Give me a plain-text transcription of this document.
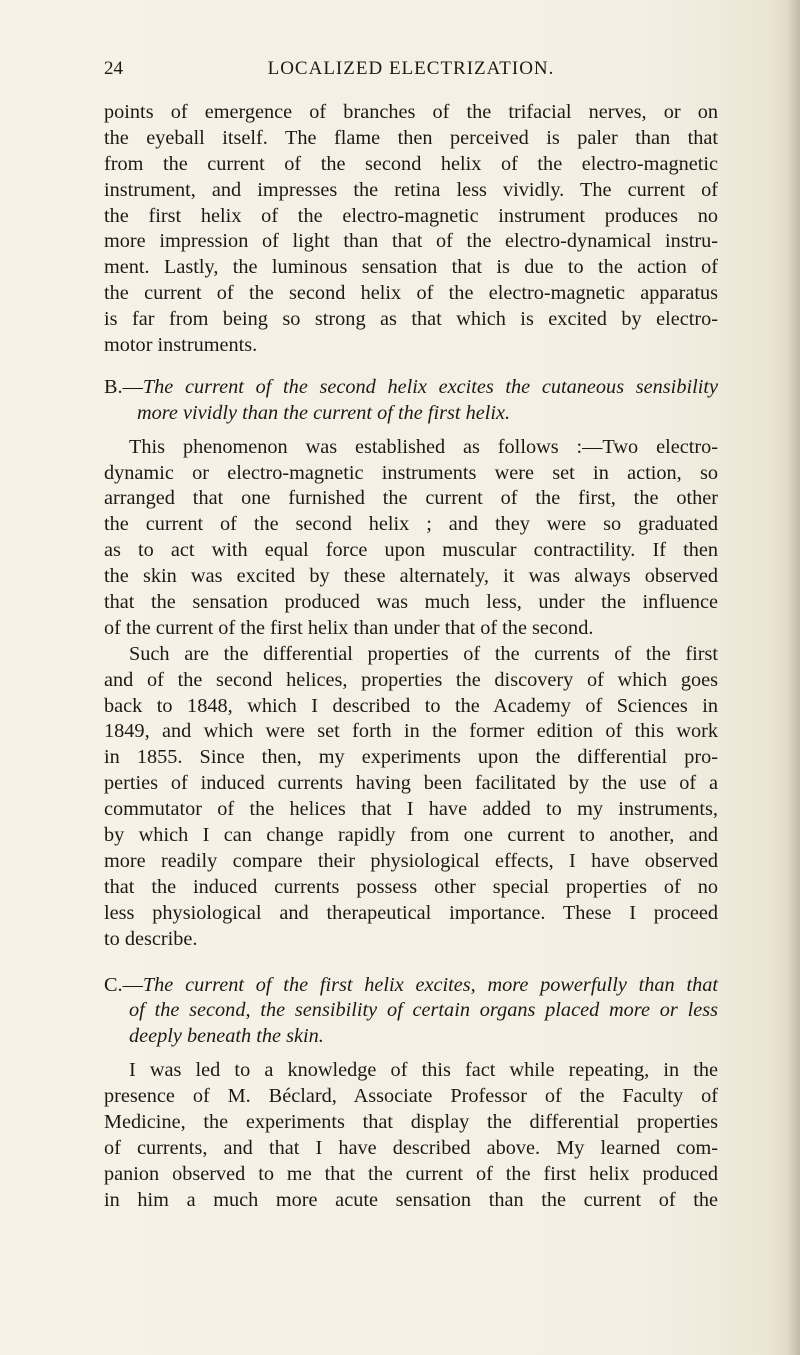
24	LOCALIZED ELECTRIZATION.
points of emergence of branches of the trifacial nerves, or on
the eyeball itself. The flame then perceived is paler than that
from the current of the second helix of the electro-magnetic
instrument, and impresses the retina less vividly. The current of
the first helix of the electro-magnetic instrument produces no
more impression of light than that of the electro-dynamical instru-
ment. Lastly, the luminous sensation that is due to the action of
the current of the second helix of the electro-magnetic apparatus
is far from being so strong as that which is excited by electro-
motor instruments.
B.—The current of the second helix excites the cutaneous sensibility
more vividly than the current of the first helix.
This phenomenon was established as follows :—Two electro-
dynamic or electro-magnetic instruments were set in action, so
arranged that one furnished the current of the first, the other
the current of the second helix ; and they were so graduated
as to act with equal force upon muscular contractility. If then
the skin was excited by these alternately, it was always observed
that the sensation produced was much less, under the influence
of the current of the first helix than under that of the second.
Such are the differential properties of the currents of the first
and of the second helices, properties the discovery of which goes
back to 1848, which I described to the Academy of Sciences in
1849, and which were set forth in the former edition of this work
in 1855. Since then, my experiments upon the differential pro-
perties of induced currents having been facilitated by the use of a
commutator of the helices that I have added to my instruments,
by which I can change rapidly from one current to another, and
more readily compare their physiological effects, I have observed
that the induced currents possess other special properties of no
less physiological and therapeutical importance. These I proceed
to describe.
C.—The current of the first helix excites, more powerfully than that
of the second, the sensibility of certain organs placed more or less
deeply beneath the skin.
I was led to a knowledge of this fact while repeating, in the
presence of M. Béclard, Associate Professor of the Faculty of
Medicine, the experiments that display the differential properties
of currents, and that I have described above. My learned com-
panion observed to me that the current of the first helix produced
in him a much more acute sensation than the current of the
